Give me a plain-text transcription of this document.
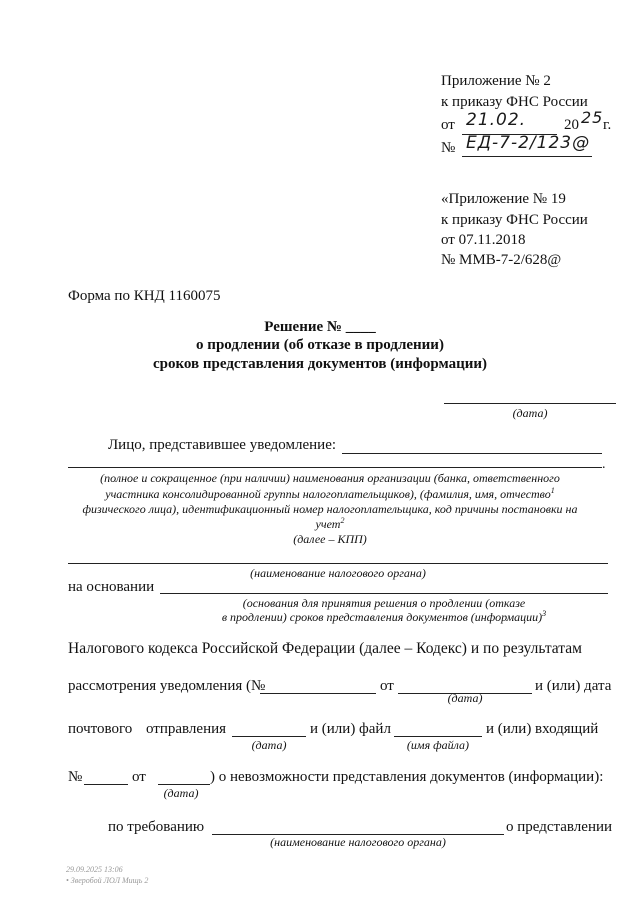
Приложение № 2
к приказу ФНС России
от 21.02.	20 25 г.
№ ЕД-7-2/123@
«Приложение № 19
к приказу ФНС России
от 07.11.2018
№ ММВ-7-2/628@
Форма по КНД 1160075
Решение № ____
о продлении (об отказе в продлении)
сроков представления документов (информации)
(дата)
Лицо, представившее уведомление:
.
(полное и сокращенное (при наличии) наименования организации (банка, ответственного
участника консолидированной группы налогоплательщиков), (фамилия, имя, отчество$^1$
физического лица), идентификационный номер налогоплательщика, код причины постановки на
учет$^2$
(далее – КПП)
(наименование налогового органа)
на основании
(основания для принятия решения о продлении (отказе
в продлении) сроков представления документов (информации)$^3$
Налогового кодекса Российской Федерации (далее – Кодекс) и по результатам
рассмотрения уведомления (№	от	и (или) дата
(дата)
почтового отправления	и (или) файл	и (или) входящий
(дата)	(имя файла)
№	от	) о невозможности представления документов (информации):
(дата)
по требованию	о представлении
(наименование налогового органа)
29.09.2025 13:06
• Зверобой ЛОЛ Мищь 2
